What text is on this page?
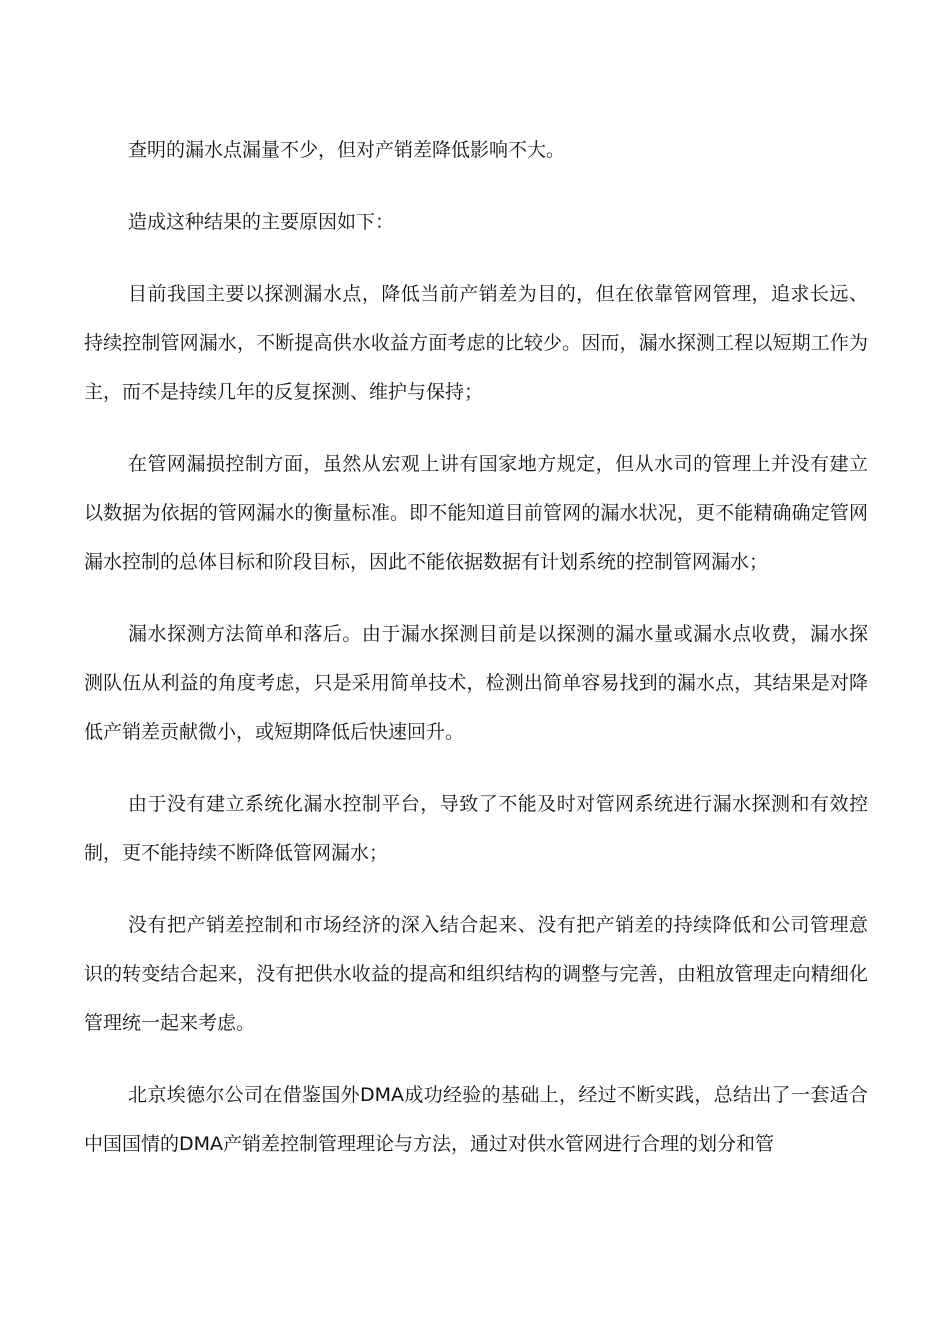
查明的漏水点漏量不少，但对产销差降低影响不大。

造成这种结果的主要原因如下：

目前我国主要以探测漏水点，降低当前产销差为目的，但在依靠管网管理，追求长远、持续控制管网漏水，不断提高供水收益方面考虑的比较少。因而，漏水探测工程以短期工作为主，而不是持续几年的反复探测、维护与保持；

在管网漏损控制方面，虽然从宏观上讲有国家地方规定，但从水司的管理上并没有建立以数据为依据的管网漏水的衡量标准。即不能知道目前管网的漏水状况，更不能精确确定管网漏水控制的总体目标和阶段目标，因此不能依据数据有计划系统的控制管网漏水；

漏水探测方法简单和落后。由于漏水探测目前是以探测的漏水量或漏水点收费，漏水探测队伍从利益的角度考虑，只是采用简单技术，检测出简单容易找到的漏水点，其结果是对降低产销差贡献微小，或短期降低后快速回升。

由于没有建立系统化漏水控制平台，导致了不能及时对管网系统进行漏水探测和有效控制，更不能持续不断降低管网漏水；

没有把产销差控制和市场经济的深入结合起来、没有把产销差的持续降低和公司管理意识的转变结合起来，没有把供水收益的提高和组织结构的调整与完善，由粗放管理走向精细化管理统一起来考虑。

北京埃德尔公司在借鉴国外DMA成功经验的基础上，经过不断实践，总结出了一套适合中国国情的DMA产销差控制管理理论与方法，通过对供水管网进行合理的划分和管
